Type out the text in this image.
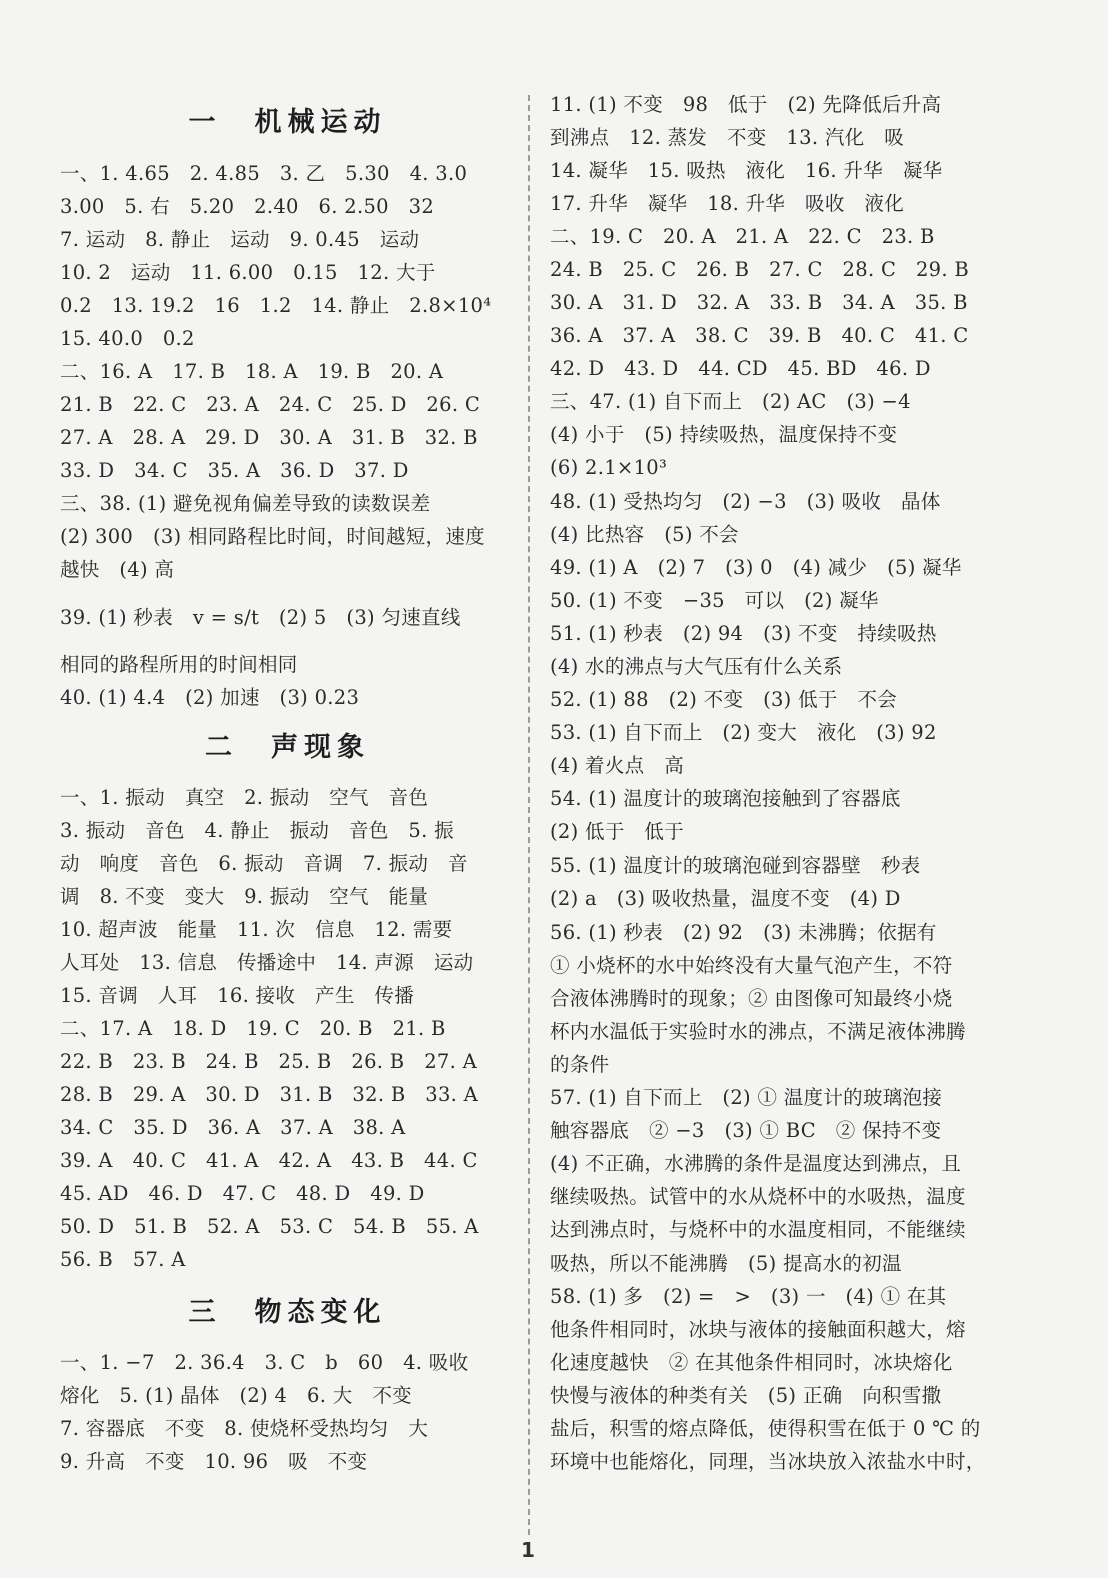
一　机械运动
一、1. 4.65　2. 4.85　3. 乙　5.30　4. 3.0
3.00　5. 右　5.20　2.40　6. 2.50　32
7. 运动　8. 静止　运动　9. 0.45　运动
10. 2　运动　11. 6.00　0.15　12. 大于
0.2　13. 19.2　16　1.2　14. 静止　2.8×10⁴
15. 40.0　0.2
二、16. A　17. B　18. A　19. B　20. A
21. B　22. C　23. A　24. C　25. D　26. C
27. A　28. A　29. D　30. A　31. B　32. B
33. D　34. C　35. A　36. D　37. D
三、38. (1) 避免视角偏差导致的读数误差
(2) 300　(3) 相同路程比时间，时间越短，速度
越快　(4) 高
39. (1) 秒表　v = s/t　(2) 5　(3) 匀速直线
相同的路程所用的时间相同
40. (1) 4.4　(2) 加速　(3) 0.23
二　声现象
一、1. 振动　真空　2. 振动　空气　音色
3. 振动　音色　4. 静止　振动　音色　5. 振
动　响度　音色　6. 振动　音调　7. 振动　音
调　8. 不变　变大　9. 振动　空气　能量
10. 超声波　能量　11. 次　信息　12. 需要
人耳处　13. 信息　传播途中　14. 声源　运动
15. 音调　人耳　16. 接收　产生　传播
二、17. A　18. D　19. C　20. B　21. B
22. B　23. B　24. B　25. B　26. B　27. A
28. B　29. A　30. D　31. B　32. B　33. A
34. C　35. D　36. A　37. A　38. A
39. A　40. C　41. A　42. A　43. B　44. C
45. AD　46. D　47. C　48. D　49. D
50. D　51. B　52. A　53. C　54. B　55. A
56. B　57. A
三　物态变化
一、1. −7　2. 36.4　3. C　b　60　4. 吸收
熔化　5. (1) 晶体　(2) 4　6. 大　不变
7. 容器底　不变　8. 使烧杯受热均匀　大
9. 升高　不变　10. 96　吸　不变
11. (1) 不变　98　低于　(2) 先降低后升高
到沸点　12. 蒸发　不变　13. 汽化　吸
14. 凝华　15. 吸热　液化　16. 升华　凝华
17. 升华　凝华　18. 升华　吸收　液化
二、19. C　20. A　21. A　22. C　23. B
24. B　25. C　26. B　27. C　28. C　29. B
30. A　31. D　32. A　33. B　34. A　35. B
36. A　37. A　38. C　39. B　40. C　41. C
42. D　43. D　44. CD　45. BD　46. D
三、47. (1) 自下而上　(2) AC　(3) −4
(4) 小于　(5) 持续吸热，温度保持不变
(6) 2.1×10³
48. (1) 受热均匀　(2) −3　(3) 吸收　晶体
(4) 比热容　(5) 不会
49. (1) A　(2) 7　(3) 0　(4) 减少　(5) 凝华
50. (1) 不变　−35　可以　(2) 凝华
51. (1) 秒表　(2) 94　(3) 不变　持续吸热
(4) 水的沸点与大气压有什么关系
52. (1) 88　(2) 不变　(3) 低于　不会
53. (1) 自下而上　(2) 变大　液化　(3) 92
(4) 着火点　高
54. (1) 温度计的玻璃泡接触到了容器底
(2) 低于　低于
55. (1) 温度计的玻璃泡碰到容器壁　秒表
(2) a　(3) 吸收热量，温度不变　(4) D
56. (1) 秒表　(2) 92　(3) 未沸腾；依据有
① 小烧杯的水中始终没有大量气泡产生，不符
合液体沸腾时的现象；② 由图像可知最终小烧
杯内水温低于实验时水的沸点，不满足液体沸腾
的条件
57. (1) 自下而上　(2) ① 温度计的玻璃泡接
触容器底　② −3　(3) ① BC　② 保持不变
(4) 不正确，水沸腾的条件是温度达到沸点，且
继续吸热。试管中的水从烧杯中的水吸热，温度
达到沸点时，与烧杯中的水温度相同，不能继续
吸热，所以不能沸腾　(5) 提高水的初温
58. (1) 多　(2) =　>　(3) 一　(4) ① 在其
他条件相同时，冰块与液体的接触面积越大，熔
化速度越快　② 在其他条件相同时，冰块熔化
快慢与液体的种类有关　(5) 正确　向积雪撒
盐后，积雪的熔点降低，使得积雪在低于 0 ℃ 的
环境中也能熔化，同理，当冰块放入浓盐水中时，
1
